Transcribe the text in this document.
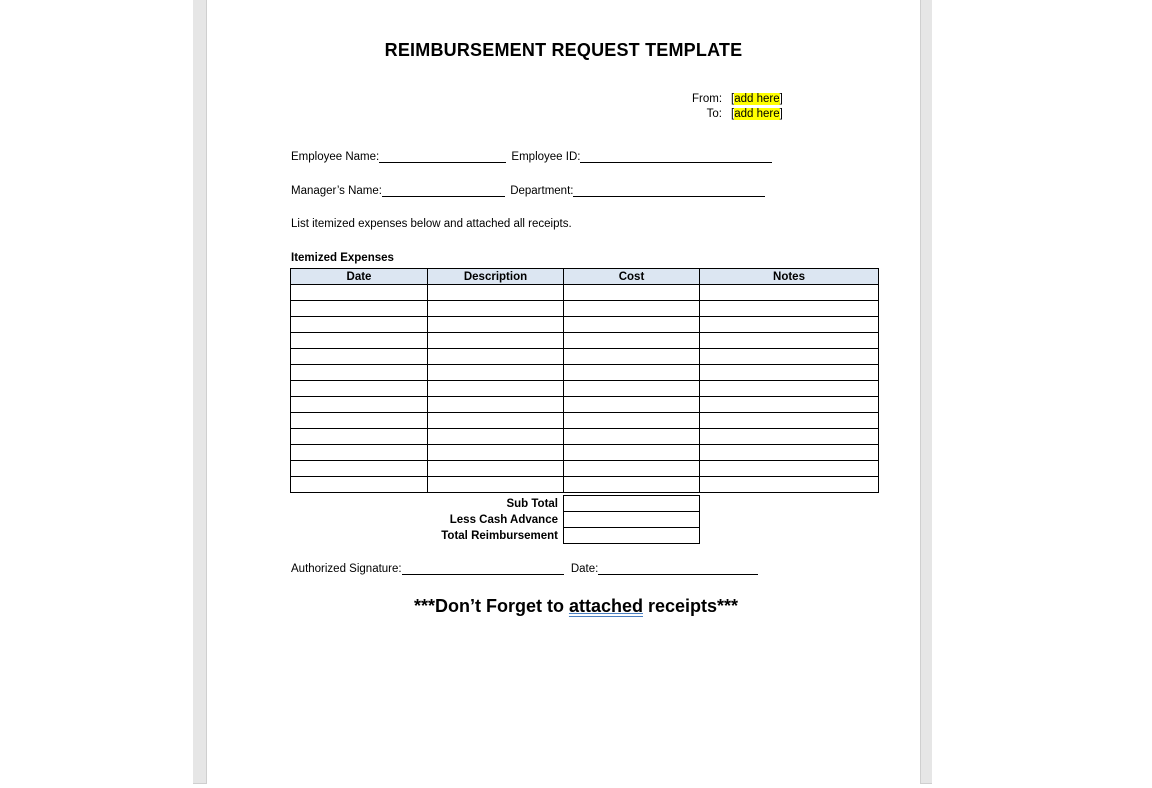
REIMBURSEMENT REQUEST TEMPLATE
From: [add here]
To: [add here]
Employee Name:	Employee ID:
Manager’s Name:	Department:
List itemized expenses below and attached all receipts.
Itemized Expenses
Date	Description	Cost	Notes

Sub Total	
Less Cash Advance	
Total Reimbursement	
Authorized Signature:	Date:
***Don’t Forget to attached receipts***
